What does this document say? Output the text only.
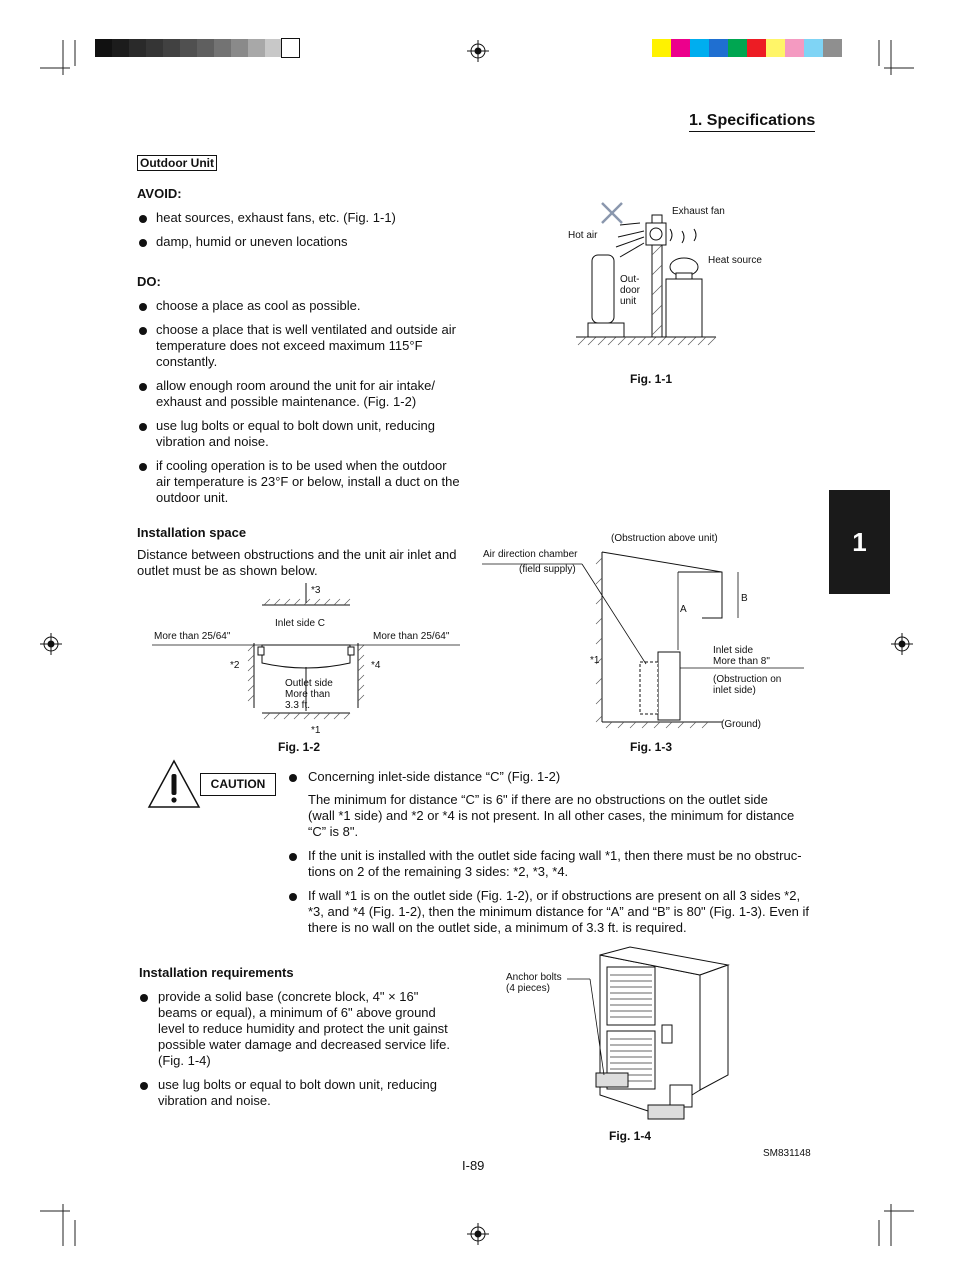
1. Specifications
1
Outdoor Unit
AVOID:
heat sources, exhaust fans, etc. (Fig. 1-1)
damp, humid or uneven locations
DO:
choose a place as cool as possible.
choose a place that is well ventilated and outside air
temperature does not exceed maximum 115°F
constantly.
allow enough room around the unit for air intake/
exhaust and possible maintenance. (Fig. 1-2)
use lug bolts or equal to bolt down unit, reducing
vibration and noise.
if cooling operation is to be used when the outdoor
air temperature is 23°F or below, install a duct on the
outdoor unit.
Exhaust fan
Hot air
Heat source
Out-
door
unit
Fig. 1-1
Installation space
Distance between obstructions and the unit air inlet and
outlet must be as shown below.
*3
Inlet side C
More than 25/64"	More than 25/64"
*2	*4
Outlet side
More than
3.3 ft.
*1
Fig. 1-2
(Obstruction above unit)
Air direction chamber
(field supply)
A
B
*1
Inlet side
More than 8"
(Obstruction on
inlet side)
(Ground)
Fig. 1-3
CAUTION	Concerning inlet-side distance “C” (Fig. 1-2)
The minimum for distance “C” is 6" if there are no obstructions on the outlet side
(wall *1 side) and *2 or *4 is not present. In all other cases, the minimum for distance
“C” is 8".
If the unit is installed with the outlet side facing wall *1, then there must be no obstruc-
tions on 2 of the remaining 3 sides: *2, *3, *4.
If wall *1 is on the outlet side (Fig. 1-2), or if obstructions are present on all 3 sides *2,
*3, and *4 (Fig. 1-2), then the minimum distance for “A” and “B” is 80" (Fig. 1-3). Even if
there is no wall on the outlet side, a minimum of 3.3 ft. is required.
Installation requirements
provide a solid base (concrete block, 4" × 16"
beams or equal), a minimum of 6" above ground
level to reduce humidity and protect the unit gainst
possible water damage and decreased service life.
(Fig. 1-4)
use lug bolts or equal to bolt down unit, reducing
vibration and noise.
Anchor bolts
(4 pieces)
Fig. 1-4
I-89
SM831148
